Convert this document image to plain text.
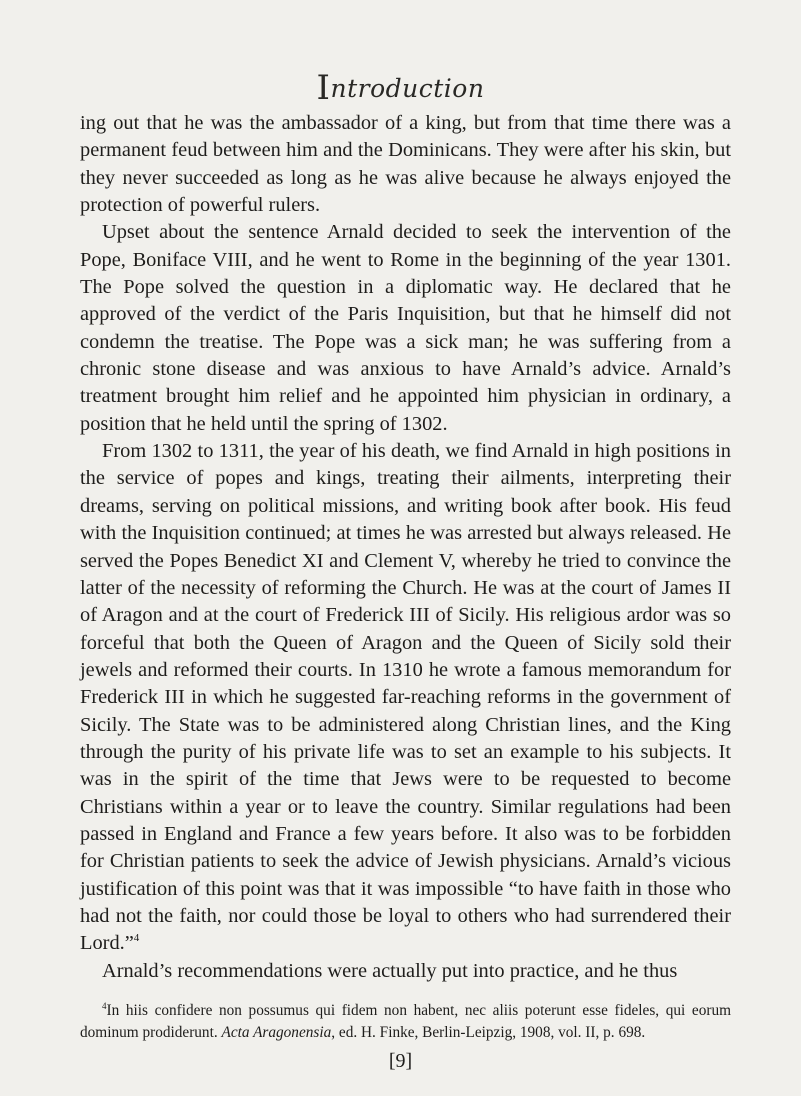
Introduction

ing out that he was the ambassador of a king, but from that time there was a permanent feud between him and the Dominicans. They were after his skin, but they never succeeded as long as he was alive because he always enjoyed the protection of powerful rulers.

Upset about the sentence Arnald decided to seek the intervention of the Pope, Boniface VIII, and he went to Rome in the beginning of the year 1301. The Pope solved the question in a diplomatic way. He declared that he approved of the verdict of the Paris Inquisition, but that he himself did not condemn the treatise. The Pope was a sick man; he was suffering from a chronic stone disease and was anxious to have Arnald’s advice. Arnald’s treatment brought him relief and he appointed him physician in ordinary, a position that he held until the spring of 1302.

From 1302 to 1311, the year of his death, we find Arnald in high positions in the service of popes and kings, treating their ailments, interpreting their dreams, serving on political missions, and writing book after book. His feud with the Inquisition continued; at times he was arrested but always released. He served the Popes Benedict XI and Clement V, whereby he tried to convince the latter of the necessity of reforming the Church. He was at the court of James II of Aragon and at the court of Frederick III of Sicily. His religious ardor was so forceful that both the Queen of Aragon and the Queen of Sicily sold their jewels and reformed their courts. In 1310 he wrote a famous memorandum for Frederick III in which he suggested far-reaching reforms in the government of Sicily. The State was to be administered along Christian lines, and the King through the purity of his private life was to set an example to his subjects. It was in the spirit of the time that Jews were to be requested to become Christians within a year or to leave the country. Similar regulations had been passed in England and France a few years before. It also was to be forbidden for Christian patients to seek the advice of Jewish physicians. Arnald’s vicious justification of this point was that it was impossible “to have faith in those who had not the faith, nor could those be loyal to others who had surrendered their Lord.”$^4$

Arnald’s recommendations were actually put into practice, and he thus

$^4$In hiis confidere non possumus qui fidem non habent, nec aliis poterunt esse fideles, qui eorum dominum prodiderunt. Acta Aragonensia, ed. H. Finke, Berlin-Leipzig, 1908, vol. II, p. 698.

[9]
